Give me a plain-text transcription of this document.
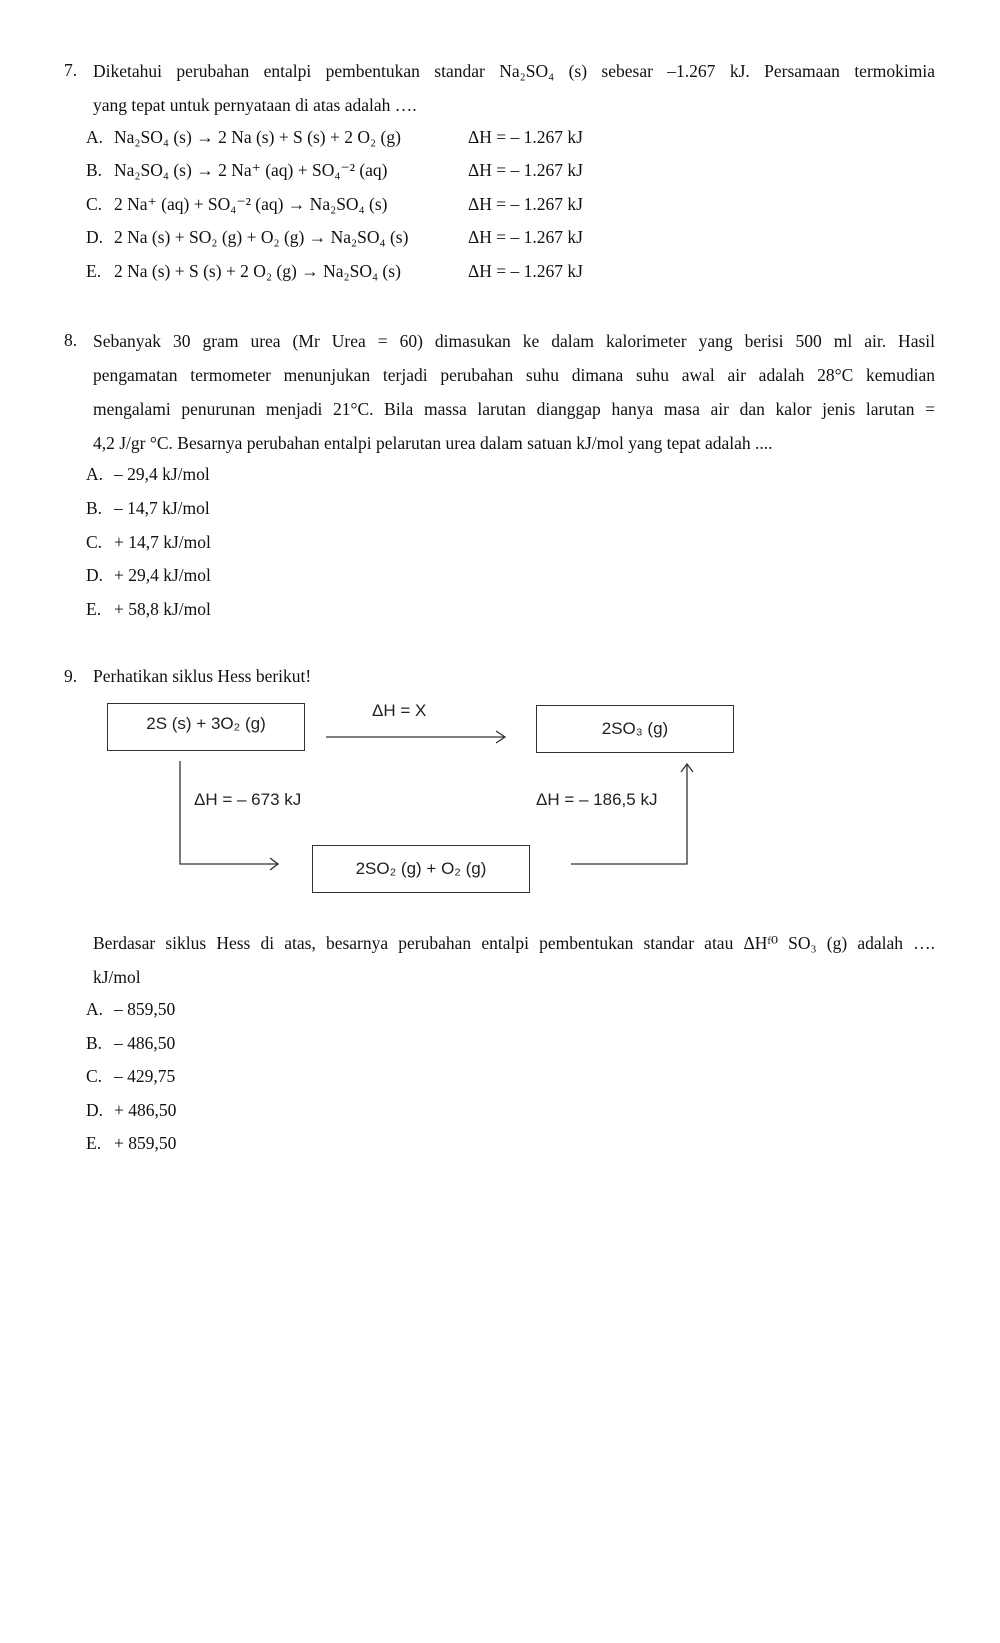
7. Diketahui perubahan entalpi pembentukan standar Na₂SO₄ (s) sebesar –1.267 kJ. Persamaan termokimia
yang tepat untuk pernyataan di atas adalah ….
A. Na₂SO₄ (s) → 2 Na (s) + S (s) + 2 O₂ (g)	ΔH = – 1.267 kJ
B. Na₂SO₄ (s) → 2 Na⁺ (aq) + SO₄⁻² (aq)	ΔH = – 1.267 kJ
C. 2 Na⁺ (aq) + SO₄⁻² (aq) → Na₂SO₄ (s)	ΔH = – 1.267 kJ
D. 2 Na (s) + SO₂ (g) + O₂ (g) → Na₂SO₄ (s)	ΔH = – 1.267 kJ
E. 2 Na (s) + S (s) + 2 O₂ (g) → Na₂SO₄ (s)	ΔH = – 1.267 kJ
8. Sebanyak 30 gram urea (Mr Urea = 60) dimasukan ke dalam kalorimeter yang berisi 500 ml air. Hasil
pengamatan termometer menunjukan terjadi perubahan suhu dimana suhu awal air adalah 28°C kemudian
mengalami penurunan menjadi 21°C. Bila massa larutan dianggap hanya masa air dan kalor jenis larutan =
4,2 J/gr °C. Besarnya perubahan entalpi pelarutan urea dalam satuan kJ/mol yang tepat adalah ....
A. – 29,4 kJ/mol
B. – 14,7 kJ/mol
C. + 14,7 kJ/mol
D. + 29,4 kJ/mol
E. + 58,8 kJ/mol
9. Perhatikan siklus Hess berikut!
2S (s) + 3O₂ (g)	2SO₃ (g)
2SO₂ (g) + O₂ (g)
ΔH = X
ΔH = – 673 kJ	ΔH = – 186,5 kJ
Berdasar siklus Hess di atas, besarnya perubahan entalpi pembentukan standar atau ΔHᶠ⁰ SO₃ (g) adalah ….
kJ/mol
A. – 859,50
B. – 486,50
C. – 429,75
D. + 486,50
E. + 859,50
